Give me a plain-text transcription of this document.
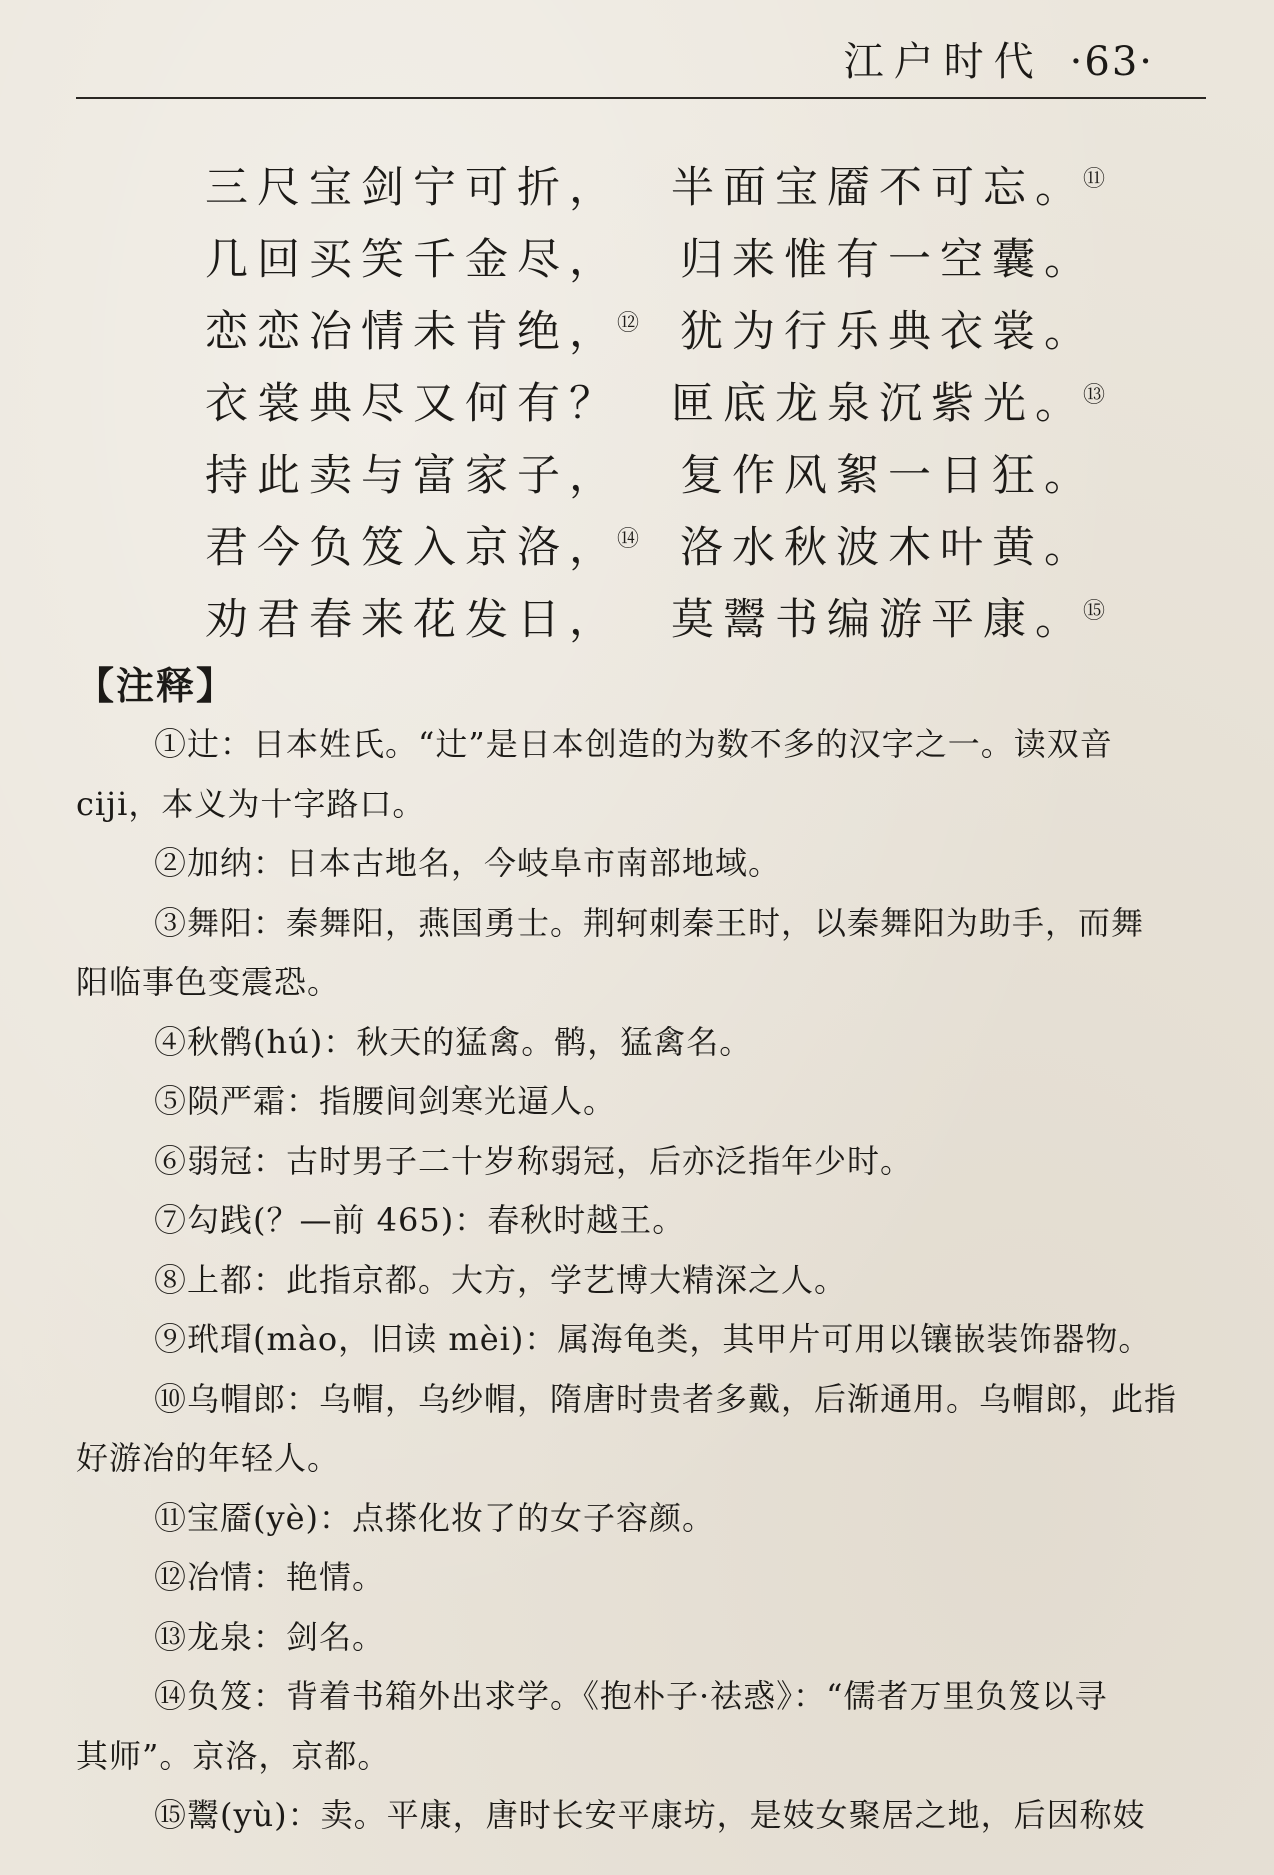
江户时代 ·63·
三尺宝剑宁可折，	半面宝靥不可忘。⑪
几回买笑千金尽，	归来惟有一空囊。
恋恋冶情未肯绝，⑫ 犹为行乐典衣裳。
衣裳典尽又何有？	匣底龙泉沉紫光。⑬
持此卖与富家子，	复作风絮一日狂。
君今负笈入京洛，⑭ 洛水秋波木叶黄。
劝君春来花发日，	莫鬻书编游平康。⑮
【注释】
①辻：日本姓氏。“辻”是日本创造的为数不多的汉字之一。读双音
ciji，本义为十字路口。
②加纳：日本古地名，今岐阜市南部地域。
③舞阳：秦舞阳，燕国勇士。荆轲刺秦王时，以秦舞阳为助手，而舞
阳临事色变震恐。
④秋鹘(hú)：秋天的猛禽。鹘，猛禽名。
⑤陨严霜：指腰间剑寒光逼人。
⑥弱冠：古时男子二十岁称弱冠，后亦泛指年少时。
⑦勾践(？—前 465)：春秋时越王。
⑧上都：此指京都。大方，学艺博大精深之人。
⑨玳瑁(mào，旧读 mèi)：属海龟类，其甲片可用以镶嵌装饰器物。
⑩乌帽郎：乌帽，乌纱帽，隋唐时贵者多戴，后渐通用。乌帽郎，此指
好游冶的年轻人。
⑪宝靥(yè)：点搽化妆了的女子容颜。
⑫冶情：艳情。
⑬龙泉：剑名。
⑭负笈：背着书箱外出求学。《抱朴子·祛惑》：“儒者万里负笈以寻
其师”。京洛，京都。
⑮鬻(yù)：卖。平康，唐时长安平康坊，是妓女聚居之地，后因称妓
